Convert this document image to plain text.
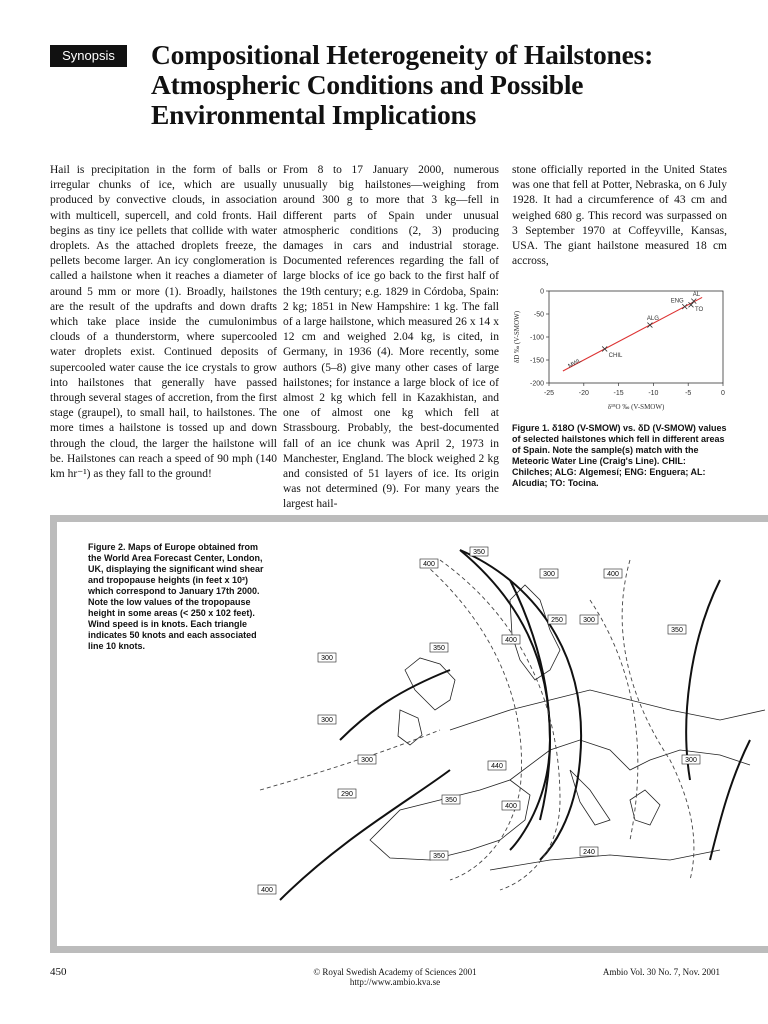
Synopsis	Compositional Heterogeneity of Hailstones: Atmospheric Conditions and Possible Environmental Implications

Hail is precipitation in the form of balls or irregular chunks of ice, which are usually produced by convective clouds, in association with multicell, supercell, and cold fronts. Hail begins as tiny ice pellets that collide with water droplets. As the attached droplets freeze, the pellets become larger. An icy conglomeration is called a hailstone when it reaches a diameter of around 5 mm or more (1). Broadly, hailstones are the result of the updrafts and down drafts which take place inside the cumulonimbus clouds of a thunderstorm, where supercooled water droplets exist. Continued deposits of supercooled water cause the ice crystals to grow into hailstones that generally have passed through several stages of accretion, from the first stage (graupel), to small hail, to hailstones. The more times a hailstone is tossed up and down through the cloud, the larger the hailstone will be. Hailstones can reach a speed of 90 mph (140 km hr⁻¹) as they fall to the ground!

From 8 to 17 January 2000, numerous unusually big hailstones—weighing from around 300 g to more that 3 kg—fell in different parts of Spain under unusual atmospheric conditions (2, 3) producing damages in cars and industrial storage. Documented references regarding the fall of large blocks of ice go back to the first half of the 19th century; e.g. 1829 in Córdoba, Spain: 2 kg; 1851 in New Hampshire: 1 kg. The fall of a large hailstone, which measured 26 x 14 x 12 cm and weighed 2.04 kg, is cited, in Germany, in 1936 (4). More recently, some authors (5–8) give many other cases of large hailstones; for instance a large block of ice of almost 2 kg which fell in Kazakhistan, and one of almost one kg which fell at Strassbourg. Probably, the best-documented fall of an ice chunk was April 2, 1973 in Manchester, England. The block weighed 2 kg and consisted of 51 layers of ice. Its origin was not determined (9). For many years the largest hail-

stone officially reported in the United States was one that fell at Potter, Nebraska, on 6 July 1928. It had a circumference of 43 cm and weighed 680 g. This record was surpassed on 3 September 1970 at Coffeyville, Kansas, USA. The giant hailstone measured 18 cm accross,

-25	-20	-15	-10	-5	0
0
-50
-100
-150
-200
δ¹⁸O ‰ (V-SMOW)
δD ‰ (V-SMOW)
MWL
CHIL
ALG
ENG
AL
TO
Figure 1. δ18O (V-SMOW) vs. δD (V-SMOW) values of selected hailstones which fell in different areas of Spain. Note the sample(s) match with the Meteoric Water Line (Craig's Line). CHIL: Chilches; ALG: Algemesí; ENG: Enguera; AL: Alcudia; TO: Tocina.
Figure 2. Maps of Europe obtained from the World Area Forecast Center, London, UK, displaying the significant wind shear and tropopause heights (in feet x 10²) which correspond to January 17th 2000. Note the low values of the tropopause height in some areas (< 250 x 102 feet). Wind speed is in knots. Each triangle indicates 50 knots and each associated line 10 knots.
350
400
300	400
250	300
350
300
400
350
300
440
300
290
350
400
300
240
350
400
450	© Royal Swedish Academy of Sciences 2001
http://www.ambio.kva.se
Ambio Vol. 30 No. 7, Nov. 2001
